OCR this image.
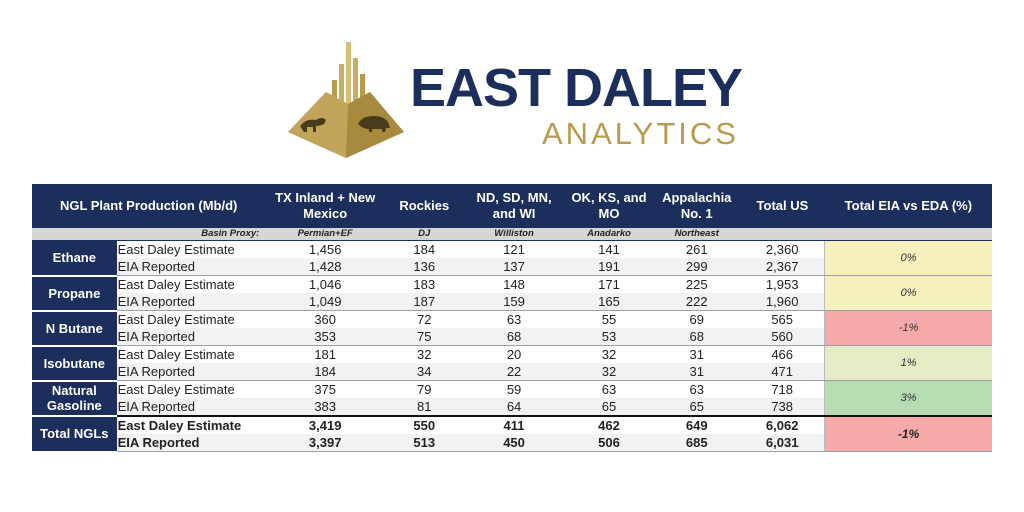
EAST DALEY
ANALYTICS
NGL Plant Production (Mb/d)		TX Inland + New Mexico	Rockies	ND, SD, MN, and WI	OK, KS, and MO	Appalachia No. 1	Total US	Total EIA vs EDA (%)
Basin Proxy:		Permian+EF	DJ	Williston	Anadarko	Northeast		
Ethane	East Daley Estimate	1,456	184	121	141	261	2,360	0%
	EIA Reported	1,428	136	137	191	299	2,367	
Propane	East Daley Estimate	1,046	183	148	171	225	1,953	0%
	EIA Reported	1,049	187	159	165	222	1,960	
N Butane	East Daley Estimate	360	72	63	55	69	565	-1%
	EIA Reported	353	75	68	53	68	560	
Isobutane	East Daley Estimate	181	32	20	32	31	466	1%
	EIA Reported	184	34	22	32	31	471	
Natural Gasoline	East Daley Estimate	375	79	59	63	63	718	3%
	EIA Reported	383	81	64	65	65	738	
Total NGLs	East Daley Estimate	3,419	550	411	462	649	6,062	-1%
	EIA Reported	3,397	513	450	506	685	6,031	
